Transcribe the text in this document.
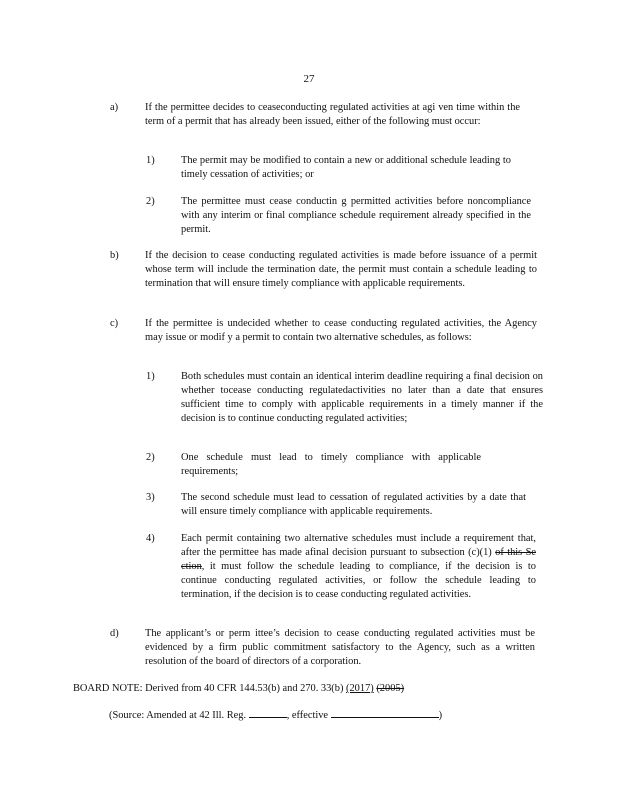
27
a)	If the permittee decides to ceaseconducting regulated activities at agi ven time within the term of a permit that has already been issued, either of the following must occur:
1)	The permit may be modified to contain a new or additional schedule leading to timely cessation of activities; or
2)	The permittee must cease conductin g permitted activities before noncompliance with any interim or final compliance schedule requirement already specified in the permit.
b)	If the decision to cease conducting regulated activities is made before issuance of a permit whose term will include the termination date, the permit must contain a schedule leading to termination that will ensure timely compliance with applicable requirements.
c)	If the permittee is undecided whether to cease conducting regulated activities, the Agency may issue or modif y a permit to contain two alternative schedules, as follows:
1)	Both schedules must contain an identical interim deadline requiring a final decision on whether tocease conducting regulatedactivities no later than a date that ensures sufficient time to comply with applicable requirements in a timely manner if the decision is to continue conducting regulated activities;
2)	One schedule must lead to timely compliance with applicable requirements;
3)	The second schedule must lead to cessation of regulated activities by a date that will ensure timely compliance with applicable requirements.
4)	Each permit containing two alternative schedules must include a requirement that, after the permittee has made afinal decision pursuant to subsection (c)(1) of this Se ction, it must follow the schedule leading to compliance, if the decision is to continue conducting regulated activities, or follow the schedule leading to termination, if the decision is to cease conducting regulated activities.
d)	The applicant’s or perm ittee’s decision to cease conducting regulated activities must be evidenced by a firm public commitment satisfactory to the Agency, such as a written resolution of the board of directors of a corporation.
BOARD NOTE: Derived from 40 CFR 144.53(b) and 270. 33(b) (2017) (2005)
(Source: Amended at 42 Ill. Reg.	, effective	)
